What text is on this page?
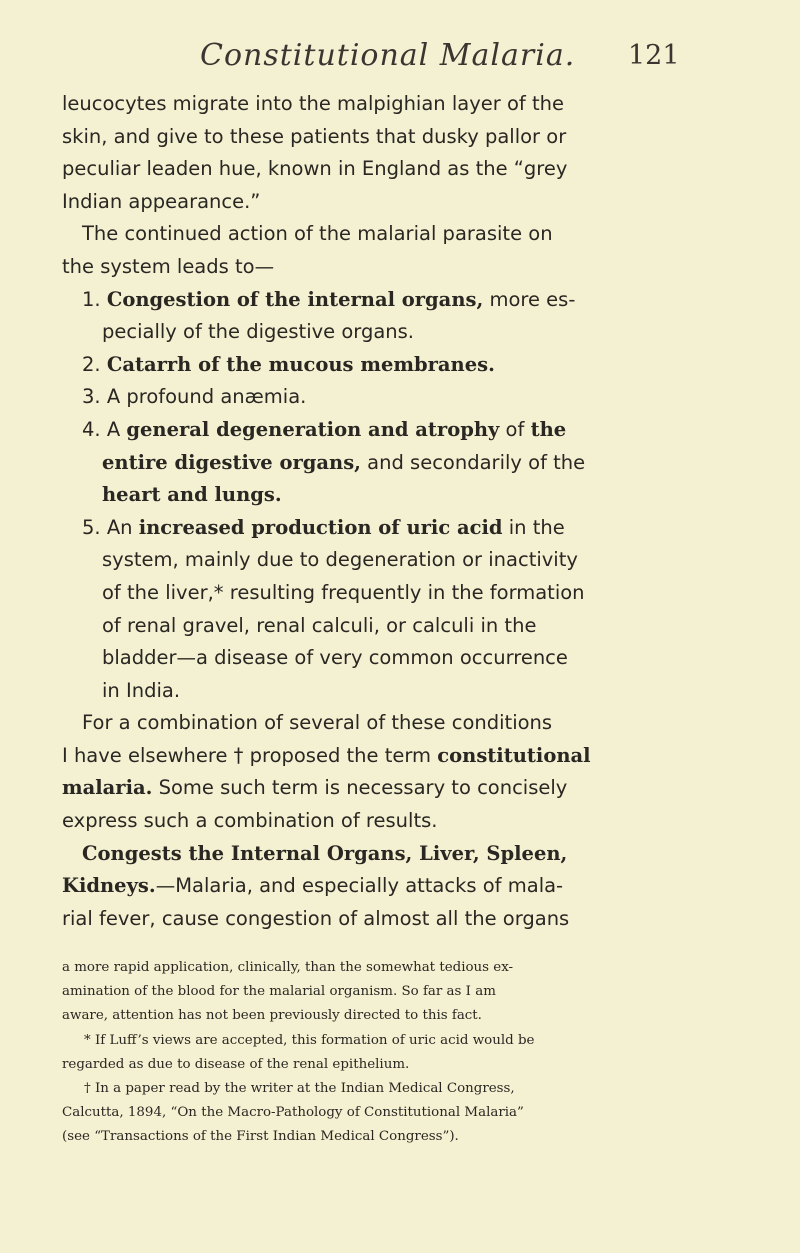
Constitutional Malaria. 121
leucocytes migrate into the malpighian layer of the
skin, and give to these patients that dusky pallor or
peculiar leaden hue, known in England as the “grey
Indian appearance.”
The continued action of the malarial parasite on
the system leads to—
1. Congestion of the internal organs, more es-
pecially of the digestive organs.
2. Catarrh of the mucous membranes.
3. A profound anæmia.
4. A general degeneration and atrophy of the
entire digestive organs, and secondarily of the
heart and lungs.
5. An increased production of uric acid in the
system, mainly due to degeneration or inactivity
of the liver,* resulting frequently in the formation
of renal gravel, renal calculi, or calculi in the
bladder—a disease of very common occurrence
in India.
For a combination of several of these conditions
I have elsewhere † proposed the term constitutional
malaria. Some such term is necessary to concisely
express such a combination of results.
Congests the Internal Organs, Liver, Spleen,
Kidneys.—Malaria, and especially attacks of mala-
rial fever, cause congestion of almost all the organs
a more rapid application, clinically, than the somewhat tedious ex-
amination of the blood for the malarial organism. So far as I am
aware, attention has not been previously directed to this fact.
* If Luff’s views are accepted, this formation of uric acid would be
regarded as due to disease of the renal epithelium.
† In a paper read by the writer at the Indian Medical Congress,
Calcutta, 1894, “On the Macro-Pathology of Constitutional Malaria”
(see “Transactions of the First Indian Medical Congress”).
